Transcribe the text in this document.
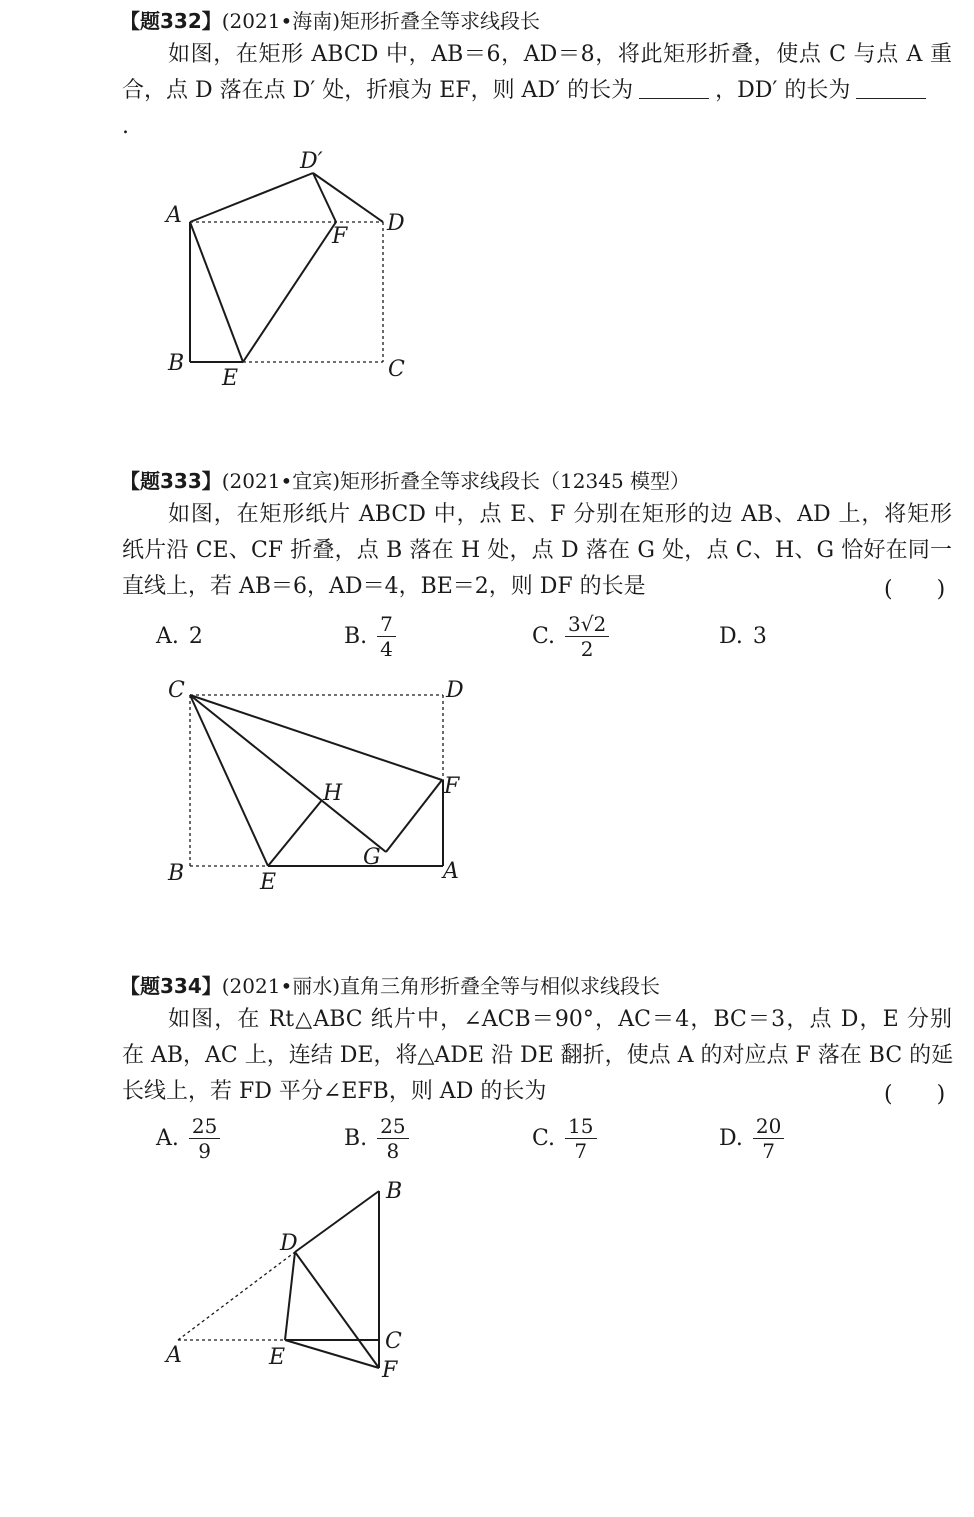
【题332】(2021•海南)矩形折叠全等求线段长
如图，在矩形 ABCD 中，AB＝6，AD＝8，将此矩形折叠，使点 C 与点 A 重
合，点 D 落在点 D′ 处，折痕为 EF，则 AD′ 的长为	，DD′ 的长为
.
A
B	C
D
D′
E
F
C	D
B	E	A
F
H
G
B
D
A	E
C
F
【题333】(2021•宜宾)矩形折叠全等求线段长（12345 模型）
如图，在矩形纸片 ABCD 中，点 E、F 分别在矩形的边 AB、AD 上，将矩形
纸片沿 CE、CF 折叠，点 B 落在 H 处，点 D 落在 G 处，点 C、H、G 恰好在同一
直线上，若 AB＝6，AD＝4，BE＝2，则 DF 的长是	(　　)
A. 2	B. $\frac{7}{4}$	C. $\frac{3√2}{2}$	D. 3
【题334】(2021•丽水)直角三角形折叠全等与相似求线段长
如图，在 Rt△ABC 纸片中，∠ACB＝90°，AC＝4，BC＝3，点 D，E 分别
在 AB，AC 上，连结 DE，将△ADE 沿 DE 翻折，使点 A 的对应点 F 落在 BC 的延
长线上，若 FD 平分∠EFB，则 AD 的长为	(　　)
A. $\frac{25}{9}$	B. $\frac{25}{8}$	C. $\frac{15}{7}$	D. $\frac{20}{7}$
